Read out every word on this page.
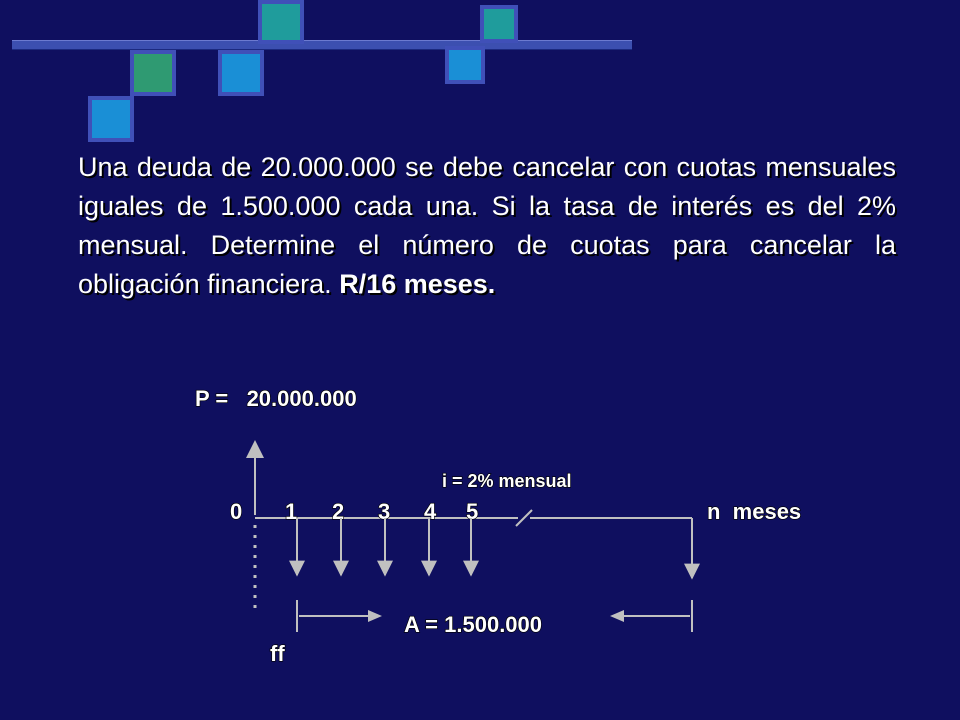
Una deuda de 20.000.000 se debe cancelar con cuotas mensuales iguales de 1.500.000 cada una. Si la tasa de interés es del 2% mensual. Determine el número de cuotas para cancelar la obligación financiera. R/16 meses.
P =   20.000.000
i = 2% mensual
0 1 2 3 4 5	n  meses
A = 1.500.000
ff
